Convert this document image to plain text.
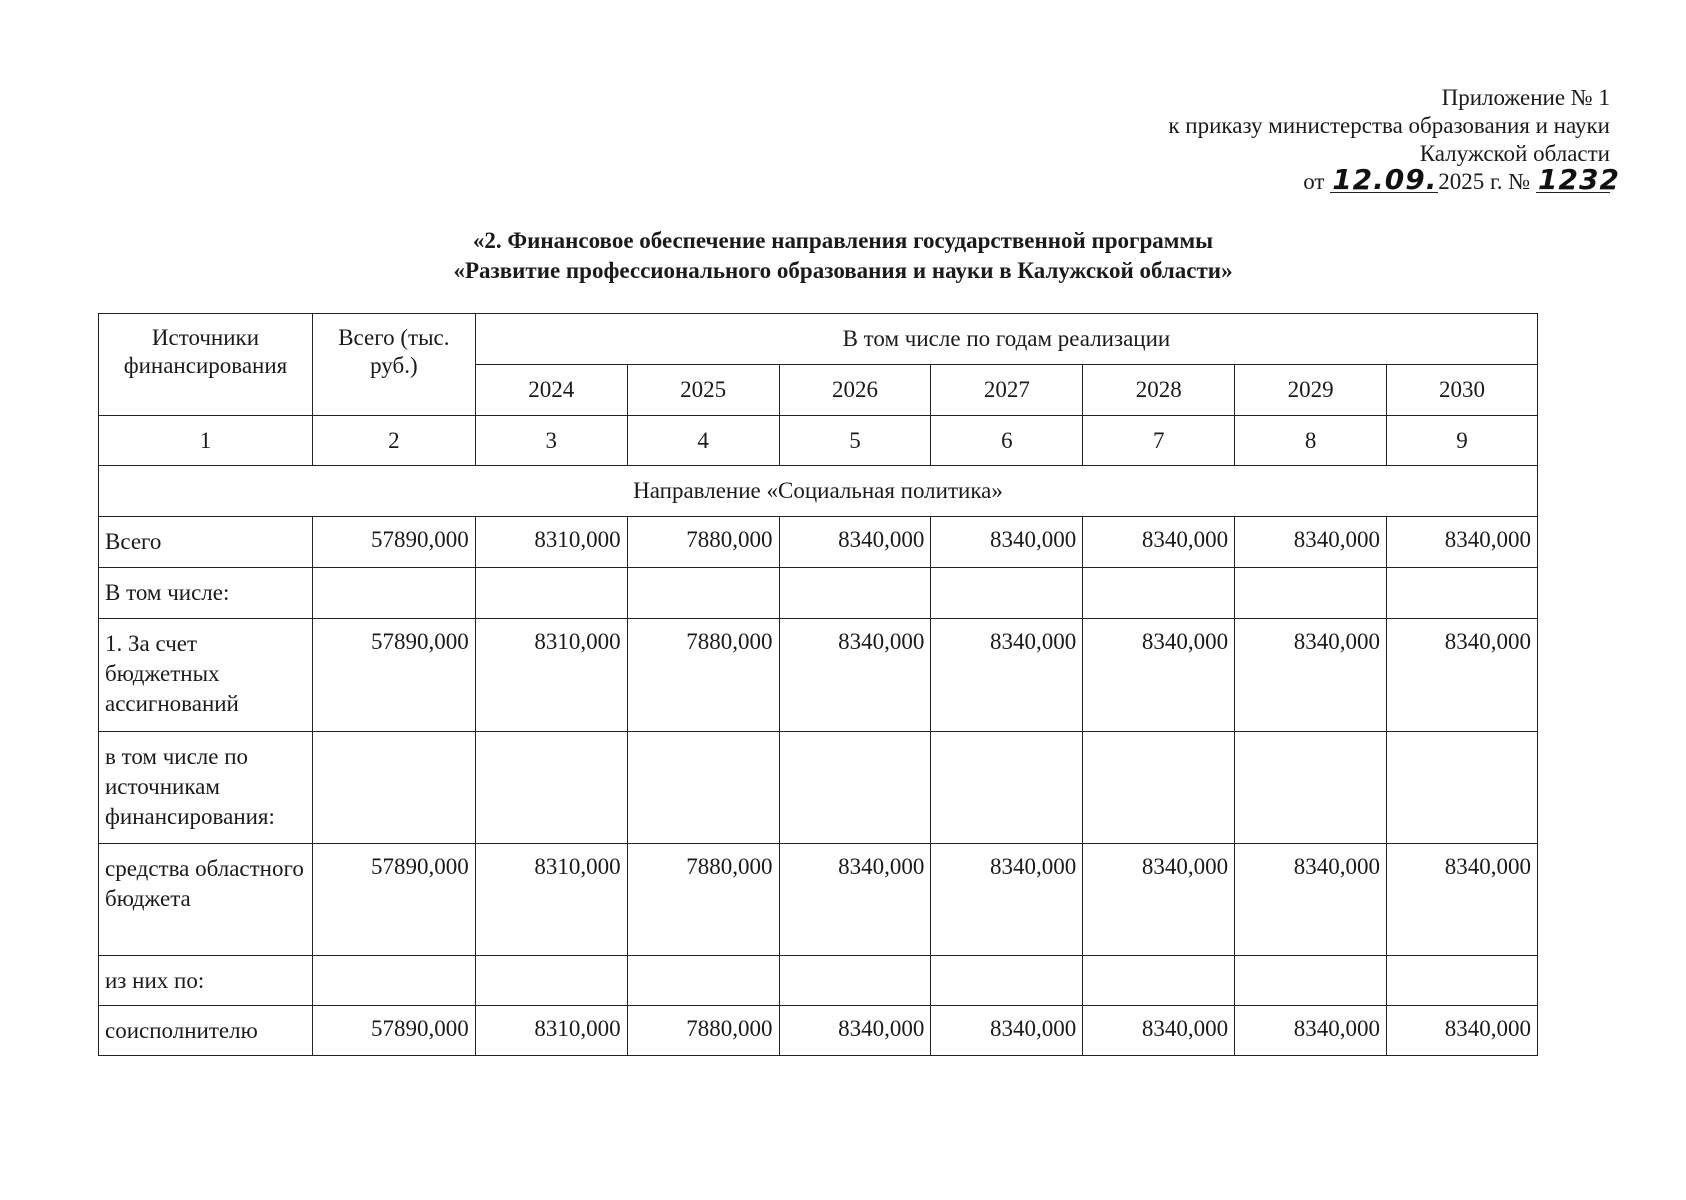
Приложение № 1
к приказу министерства образования и науки
Калужской области
от 12.09.2025 г. № 1232
«2. Финансовое обеспечение направления государственной программы
«Развитие профессионального образования и науки в Калужской области»
Источники финансирования	Всего (тыс. руб.)	В том числе по годам реализации						
		2024	2025	2026	2027	2028	2029	2030
1	2	3	4	5	6	7	8	9
Направление «Социальная политика»								
Всего	57890,000	8310,000	7880,000	8340,000	8340,000	8340,000	8340,000	8340,000
В том числе:								
1. За счет бюджетных ассигнований	57890,000	8310,000	7880,000	8340,000	8340,000	8340,000	8340,000	8340,000
в том числе по источникам финансирования:								
средства областного бюджета	57890,000	8310,000	7880,000	8340,000	8340,000	8340,000	8340,000	8340,000
из них по:								
соисполнителю	57890,000	8310,000	7880,000	8340,000	8340,000	8340,000	8340,000	8340,000
